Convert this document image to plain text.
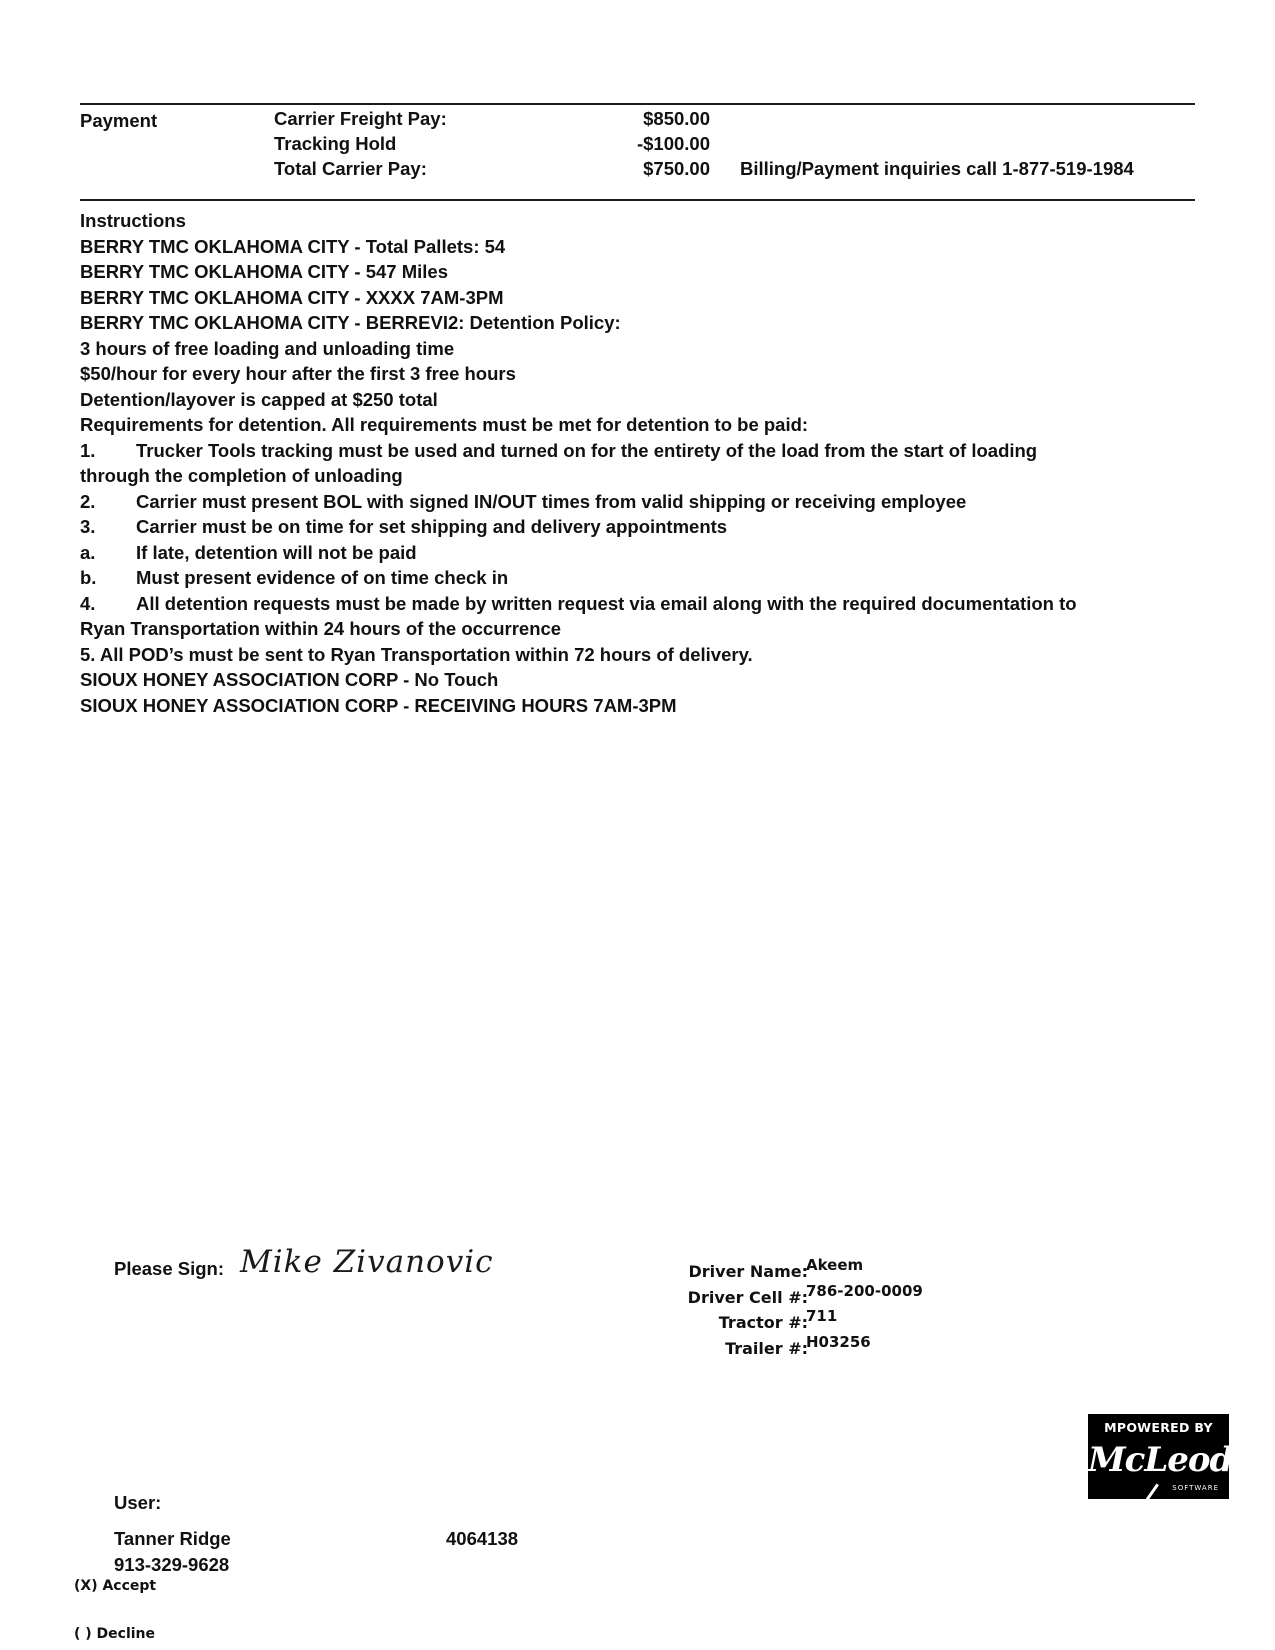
Payment	Carrier Freight Pay:	$850.00
Tracking Hold	-$100.00
Total Carrier Pay:	$750.00 Billing/Payment inquiries call 1-877-519-1984
Instructions
BERRY TMC OKLAHOMA CITY - Total Pallets: 54
BERRY TMC OKLAHOMA CITY - 547 Miles
BERRY TMC OKLAHOMA CITY - XXXX 7AM-3PM
BERRY TMC OKLAHOMA CITY - BERREVI2: Detention Policy:
3 hours of free loading and unloading time
$50/hour for every hour after the first 3 free hours
Detention/layover is capped at $250 total
Requirements for detention. All requirements must be met for detention to be paid:
1. Trucker Tools tracking must be used and turned on for the entirety of the load from the start of loading
through the completion of unloading
2. Carrier must present BOL with signed IN/OUT times from valid shipping or receiving employee
3. Carrier must be on time for set shipping and delivery appointments
a. If late, detention will not be paid
b. Must present evidence of on time check in
4. All detention requests must be made by written request via email along with the required documentation to
Ryan Transportation within 24 hours of the occurrence
5. All POD’s must be sent to Ryan Transportation within 72 hours of delivery.
SIOUX HONEY ASSOCIATION CORP - No Touch
SIOUX HONEY ASSOCIATION CORP - RECEIVING HOURS 7AM-3PM
Please Sign: Mike Zivanovic	Driver Name:
Akeem
Driver Cell #:
786-200-0009
Tractor #:
711
Trailer #:
H03256
MPOWERED BY
McLeod
SOFTWARE
User:
Tanner Ridge
913-329-9628
4064138
(X) Accept
( ) Decline
